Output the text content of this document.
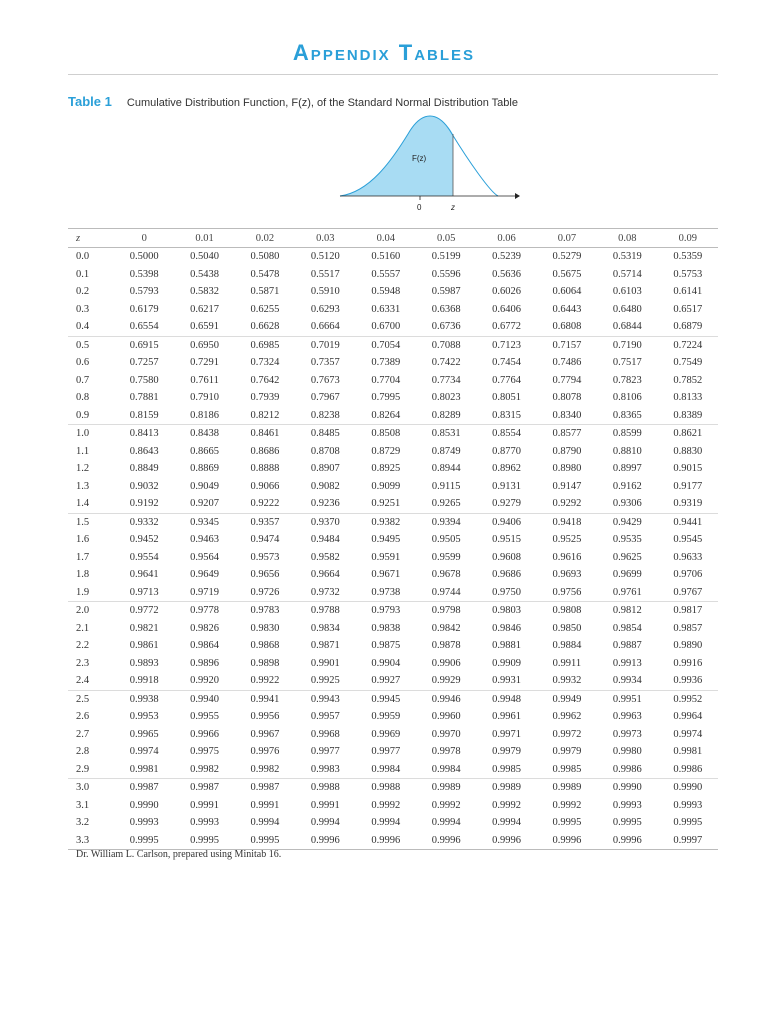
Appendix Tables
Table 1 Cumulative Distribution Function, F(z), of the Standard Normal Distribution Table
F(z)
0	z
z	0	0.01	0.02	0.03	0.04	0.05	0.06	0.07	0.08	0.09
0.0	0.5000	0.5040	0.5080	0.5120	0.5160	0.5199	0.5239	0.5279	0.5319	0.5359
0.1	0.5398	0.5438	0.5478	0.5517	0.5557	0.5596	0.5636	0.5675	0.5714	0.5753
0.2	0.5793	0.5832	0.5871	0.5910	0.5948	0.5987	0.6026	0.6064	0.6103	0.6141
0.3	0.6179	0.6217	0.6255	0.6293	0.6331	0.6368	0.6406	0.6443	0.6480	0.6517
0.4	0.6554	0.6591	0.6628	0.6664	0.6700	0.6736	0.6772	0.6808	0.6844	0.6879
0.5	0.6915	0.6950	0.6985	0.7019	0.7054	0.7088	0.7123	0.7157	0.7190	0.7224
0.6	0.7257	0.7291	0.7324	0.7357	0.7389	0.7422	0.7454	0.7486	0.7517	0.7549
0.7	0.7580	0.7611	0.7642	0.7673	0.7704	0.7734	0.7764	0.7794	0.7823	0.7852
0.8	0.7881	0.7910	0.7939	0.7967	0.7995	0.8023	0.8051	0.8078	0.8106	0.8133
0.9	0.8159	0.8186	0.8212	0.8238	0.8264	0.8289	0.8315	0.8340	0.8365	0.8389
1.0	0.8413	0.8438	0.8461	0.8485	0.8508	0.8531	0.8554	0.8577	0.8599	0.8621
1.1	0.8643	0.8665	0.8686	0.8708	0.8729	0.8749	0.8770	0.8790	0.8810	0.8830
1.2	0.8849	0.8869	0.8888	0.8907	0.8925	0.8944	0.8962	0.8980	0.8997	0.9015
1.3	0.9032	0.9049	0.9066	0.9082	0.9099	0.9115	0.9131	0.9147	0.9162	0.9177
1.4	0.9192	0.9207	0.9222	0.9236	0.9251	0.9265	0.9279	0.9292	0.9306	0.9319
1.5	0.9332	0.9345	0.9357	0.9370	0.9382	0.9394	0.9406	0.9418	0.9429	0.9441
1.6	0.9452	0.9463	0.9474	0.9484	0.9495	0.9505	0.9515	0.9525	0.9535	0.9545
1.7	0.9554	0.9564	0.9573	0.9582	0.9591	0.9599	0.9608	0.9616	0.9625	0.9633
1.8	0.9641	0.9649	0.9656	0.9664	0.9671	0.9678	0.9686	0.9693	0.9699	0.9706
1.9	0.9713	0.9719	0.9726	0.9732	0.9738	0.9744	0.9750	0.9756	0.9761	0.9767
2.0	0.9772	0.9778	0.9783	0.9788	0.9793	0.9798	0.9803	0.9808	0.9812	0.9817
2.1	0.9821	0.9826	0.9830	0.9834	0.9838	0.9842	0.9846	0.9850	0.9854	0.9857
2.2	0.9861	0.9864	0.9868	0.9871	0.9875	0.9878	0.9881	0.9884	0.9887	0.9890
2.3	0.9893	0.9896	0.9898	0.9901	0.9904	0.9906	0.9909	0.9911	0.9913	0.9916
2.4	0.9918	0.9920	0.9922	0.9925	0.9927	0.9929	0.9931	0.9932	0.9934	0.9936
2.5	0.9938	0.9940	0.9941	0.9943	0.9945	0.9946	0.9948	0.9949	0.9951	0.9952
2.6	0.9953	0.9955	0.9956	0.9957	0.9959	0.9960	0.9961	0.9962	0.9963	0.9964
2.7	0.9965	0.9966	0.9967	0.9968	0.9969	0.9970	0.9971	0.9972	0.9973	0.9974
2.8	0.9974	0.9975	0.9976	0.9977	0.9977	0.9978	0.9979	0.9979	0.9980	0.9981
2.9	0.9981	0.9982	0.9982	0.9983	0.9984	0.9984	0.9985	0.9985	0.9986	0.9986
3.0	0.9987	0.9987	0.9987	0.9988	0.9988	0.9989	0.9989	0.9989	0.9990	0.9990
3.1	0.9990	0.9991	0.9991	0.9991	0.9992	0.9992	0.9992	0.9992	0.9993	0.9993
3.2	0.9993	0.9993	0.9994	0.9994	0.9994	0.9994	0.9994	0.9995	0.9995	0.9995
3.3	0.9995	0.9995	0.9995	0.9996	0.9996	0.9996	0.9996	0.9996	0.9996	0.9997
Dr. William L. Carlson, prepared using Minitab 16.
